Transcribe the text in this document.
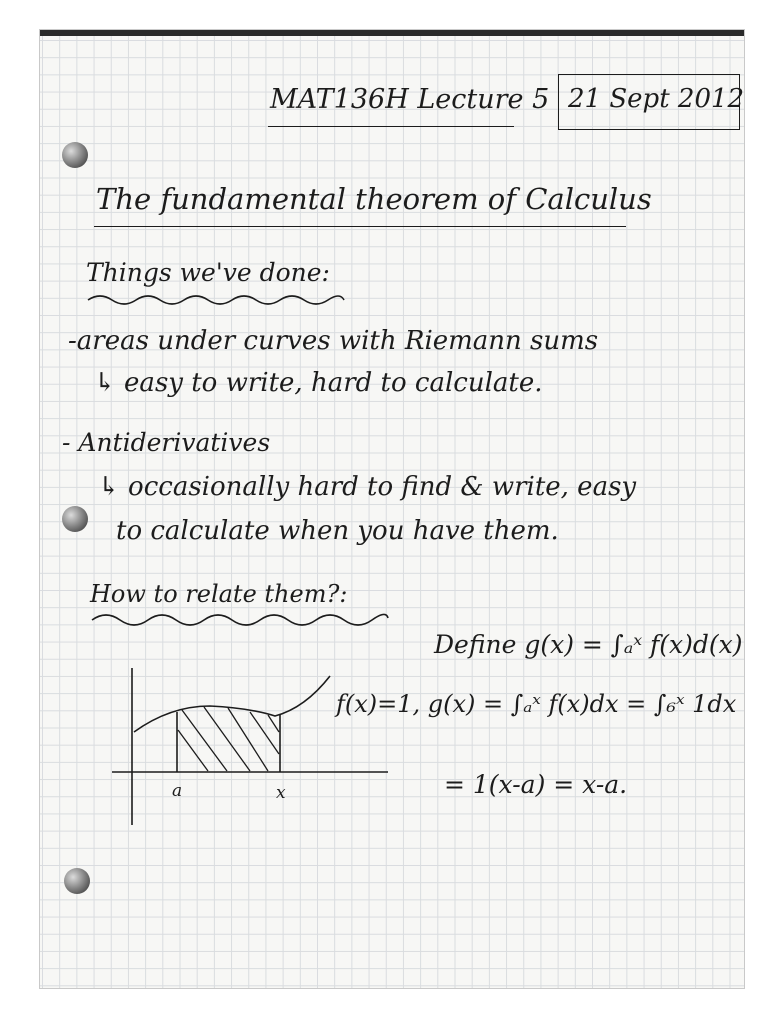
MAT136H Lecture 5 21 Sept 2012
The fundamental theorem of Calculus
Things we've done:
-areas under curves with Riemann sums
↳ easy to write, hard to calculate.
- Antiderivatives
↳ occasionally hard to find & write, easy
to calculate when you have them.
How to relate them?:
Define g(x) = ∫ₐˣ f(x)d(x)
f(x)=1, g(x) = ∫ₐˣ f(x)dx = ∫₆ˣ 1dx
= 1(x-a) = x-a.
a	x
